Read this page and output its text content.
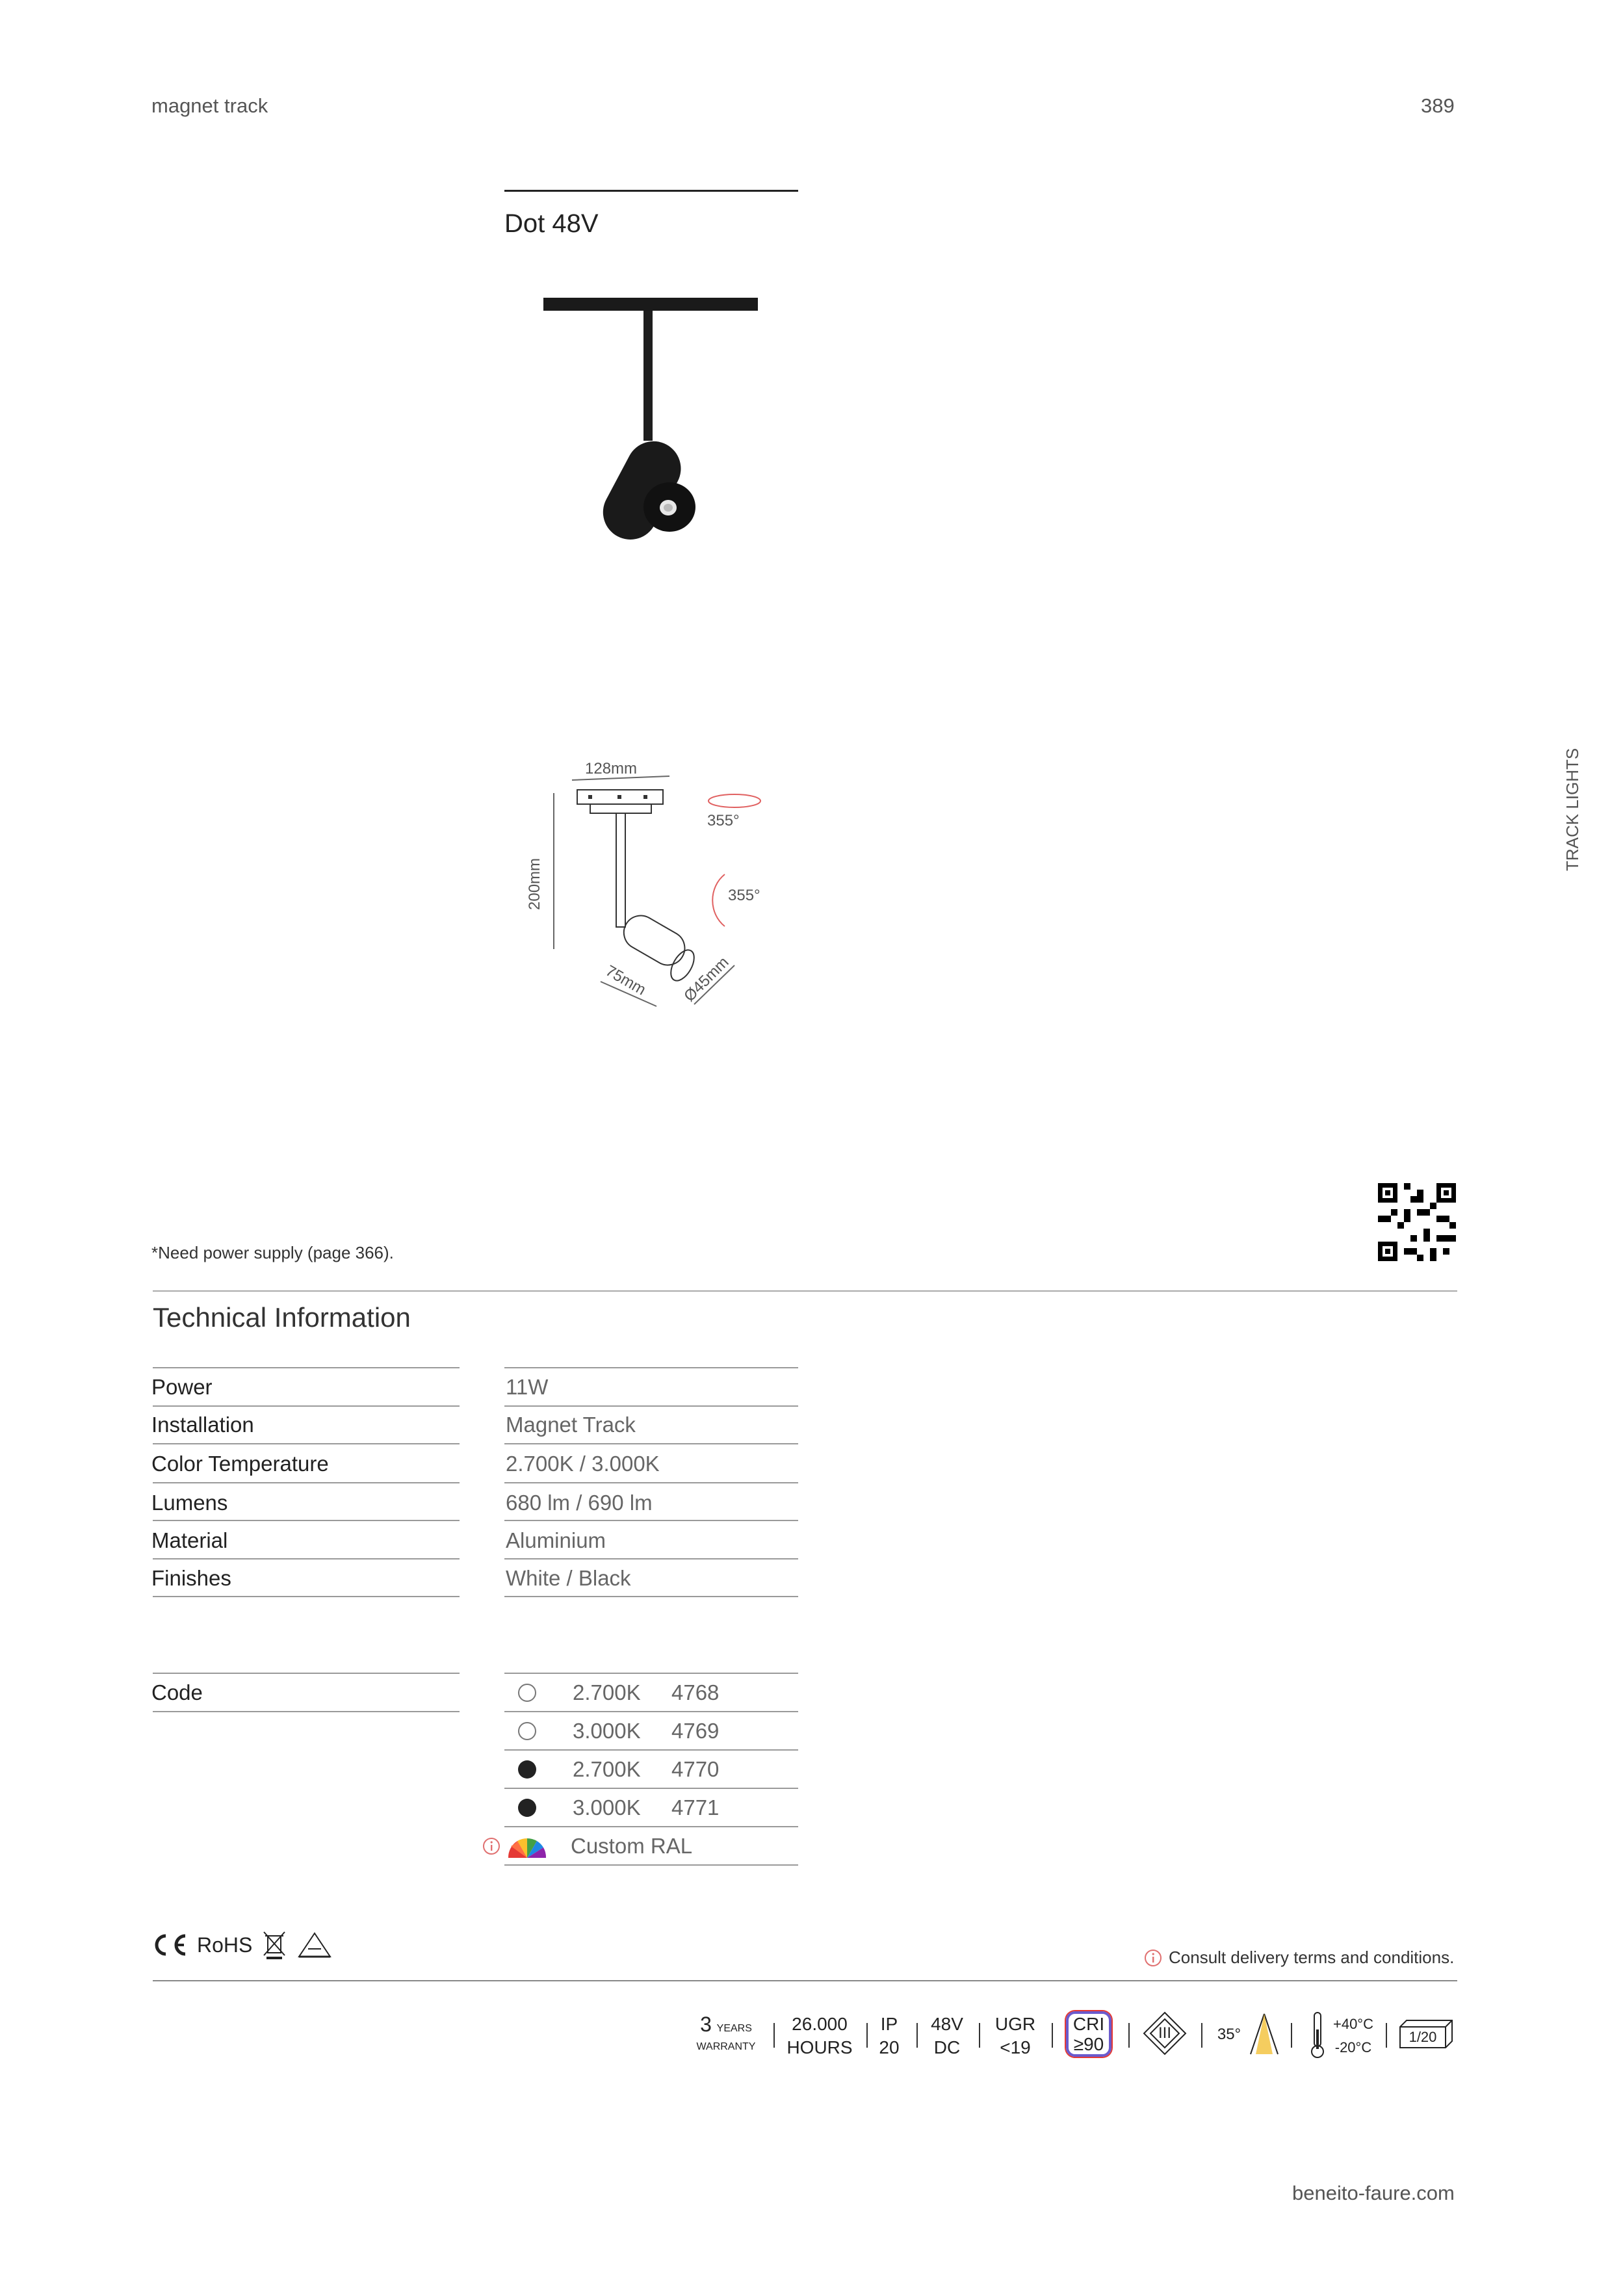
magnet track	389
Dot 48V
128mm
200mm
355°
355°
75mm Ø45mm
TRACK LIGHTS
*Need power supply (page 366).
Technical Information
Power	11W
Installation	Magnet Track
Color Temperature	2.700K / 3.000K
Lumens	680 lm / 690 lm
Material	Aluminium
Finishes	White / Black
Code	2.700K 4768
3.000K 4769
2.700K 4770
3.000K 4771
Custom RAL
RoHS
Consult delivery terms and conditions.
3 YEARS
WARRANTY
26.000
HOURS
IP
20
48V
DC
UGR
<19
CRI
≥90
III	35°
+40°C
-20°C
1/20
beneito-faure.com
